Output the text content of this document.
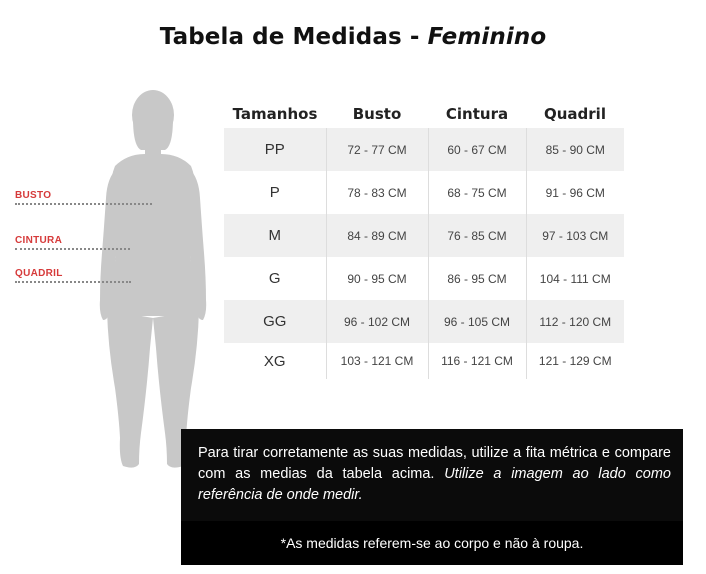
Tabela de Medidas - Feminino
BUSTO
CINTURA
QUADRIL
Tamanhos	Busto	Cintura	Quadril
PP	72 - 77 CM	60 - 67 CM	85 - 90 CM
P	78 - 83 CM	68 - 75 CM	91 - 96 CM
M	84 - 89 CM	76 - 85 CM	97 - 103 CM
G	90 - 95 CM	86 - 95 CM	104 - 111 CM
GG	96 - 102 CM	96 - 105 CM	112 - 120 CM
XG	103 - 121 CM	116 - 121 CM	121 - 129 CM
Para tirar corretamente as suas medidas, utilize a fita métrica e compare com as medias da tabela acima. Utilize a imagem ao lado como referência de onde medir.
*As medidas referem-se ao corpo e não à roupa.
